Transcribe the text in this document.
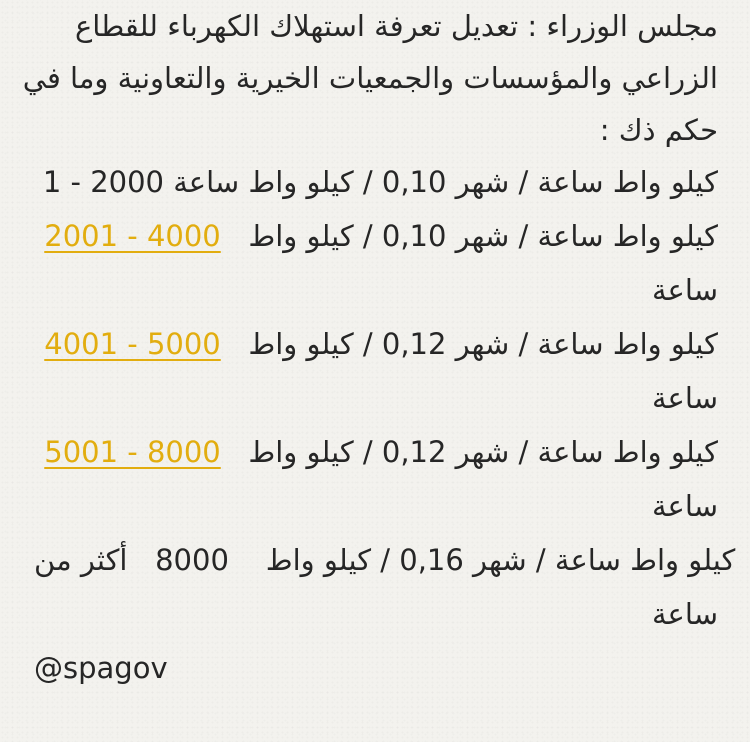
مجلس الوزراء : تعديل تعرفة استهلاك الكهرباء للقطاع
الزراعي والمؤسسات والجمعيات الخيرية والتعاونية وما في
حكم ذك :
1 - 2000 كيلو واط ساعة / شهر 0,10 / كيلو واط ساعة
2001 - 4000 كيلو واط ساعة / شهر 0,10 / كيلو واط
ساعة
4001 - 5000 كيلو واط ساعة / شهر 0,12 / كيلو واط
ساعة
5001 - 8000 كيلو واط ساعة / شهر 0,12 / كيلو واط
ساعة
أكثر من 8000 كيلو واط ساعة / شهر 0,16 / كيلو واط
ساعة
@spagov
